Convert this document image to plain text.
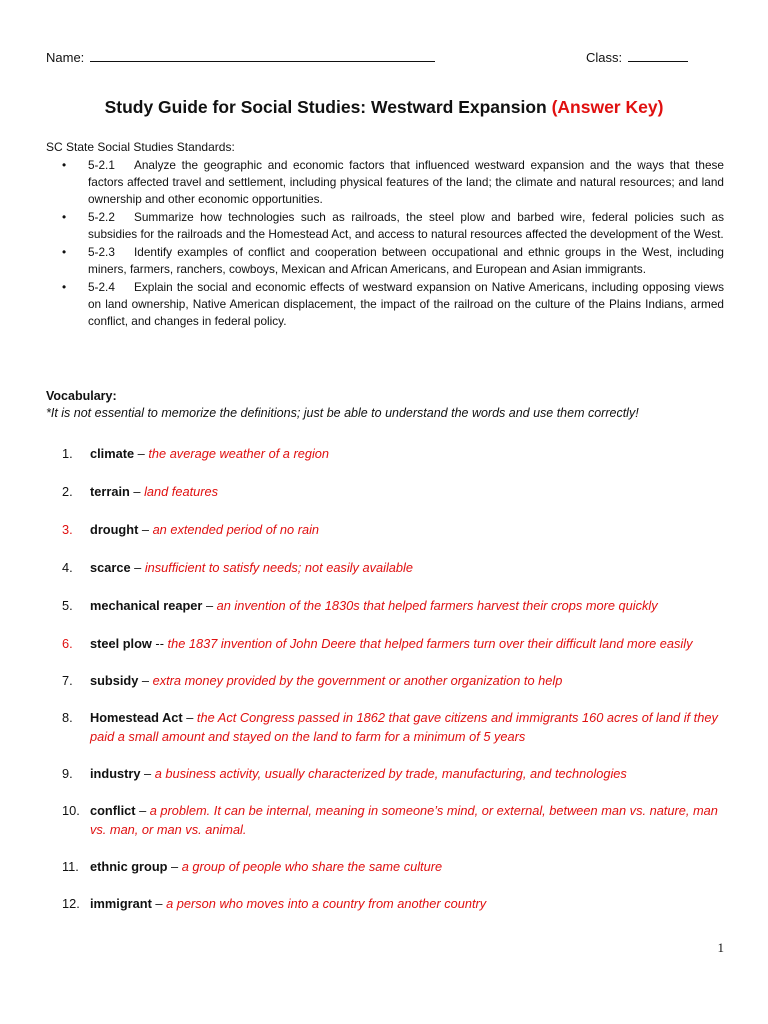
Name:	Class:
Study Guide for Social Studies: Westward Expansion (Answer Key)
SC State Social Studies Standards:
• 5-2.1 Analyze the geographic and economic factors that influenced westward expansion and the ways that these factors affected travel and settlement, including physical features of the land; the climate and natural resources; and land ownership and other economic opportunities.
• 5-2.2 Summarize how technologies such as railroads, the steel plow and barbed wire, federal policies such as subsidies for the railroads and the Homestead Act, and access to natural resources affected the development of the West.
• 5-2.3 Identify examples of conflict and cooperation between occupational and ethnic groups in the West, including miners, farmers, ranchers, cowboys, Mexican and African Americans, and European and Asian immigrants.
• 5-2.4 Explain the social and economic effects of westward expansion on Native Americans, including opposing views on land ownership, Native American displacement, the impact of the railroad on the culture of the Plains Indians, armed conflict, and changes in federal policy.
Vocabulary:
*It is not essential to memorize the definitions; just be able to understand the words and use them correctly!
1. climate – the average weather of a region
2. terrain – land features
3. drought – an extended period of no rain
4. scarce – insufficient to satisfy needs; not easily available
5. mechanical reaper – an invention of the 1830s that helped farmers harvest their crops more quickly
6. steel plow -- the 1837 invention of John Deere that helped farmers turn over their difficult land more easily
7. subsidy – extra money provided by the government or another organization to help
8. Homestead Act – the Act Congress passed in 1862 that gave citizens and immigrants 160 acres of land if they paid a small amount and stayed on the land to farm for a minimum of 5 years
9. industry – a business activity, usually characterized by trade, manufacturing, and technologies
10. conflict – a problem. It can be internal, meaning in someone’s mind, or external, between man vs. nature, man vs. man, or man vs. animal.
11. ethnic group – a group of people who share the same culture
12. immigrant – a person who moves into a country from another country
1
